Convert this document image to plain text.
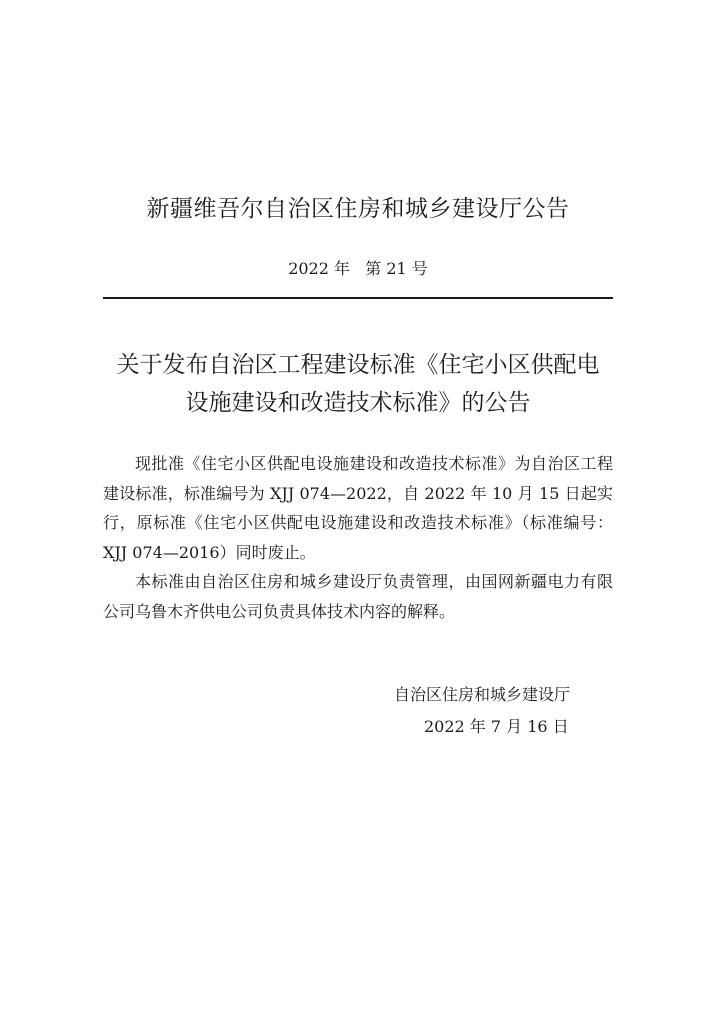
新疆维吾尔自治区住房和城乡建设厅公告
2022 年   第 21 号
关于发布自治区工程建设标准《住宅小区供配电
设施建设和改造技术标准》的公告

现批准《住宅小区供配电设施建设和改造技术标准》为自治区工程建设标准，标准编号为 XJJ 074—2022，自 2022 年 10 月 15 日起实行，原标准《住宅小区供配电设施建设和改造技术标准》（标准编号：XJJ 074—2016）同时废止。

本标准由自治区住房和城乡建设厅负责管理，由国网新疆电力有限公司乌鲁木齐供电公司负责具体技术内容的解释。

自治区住房和城乡建设厅
2022 年 7 月 16 日
